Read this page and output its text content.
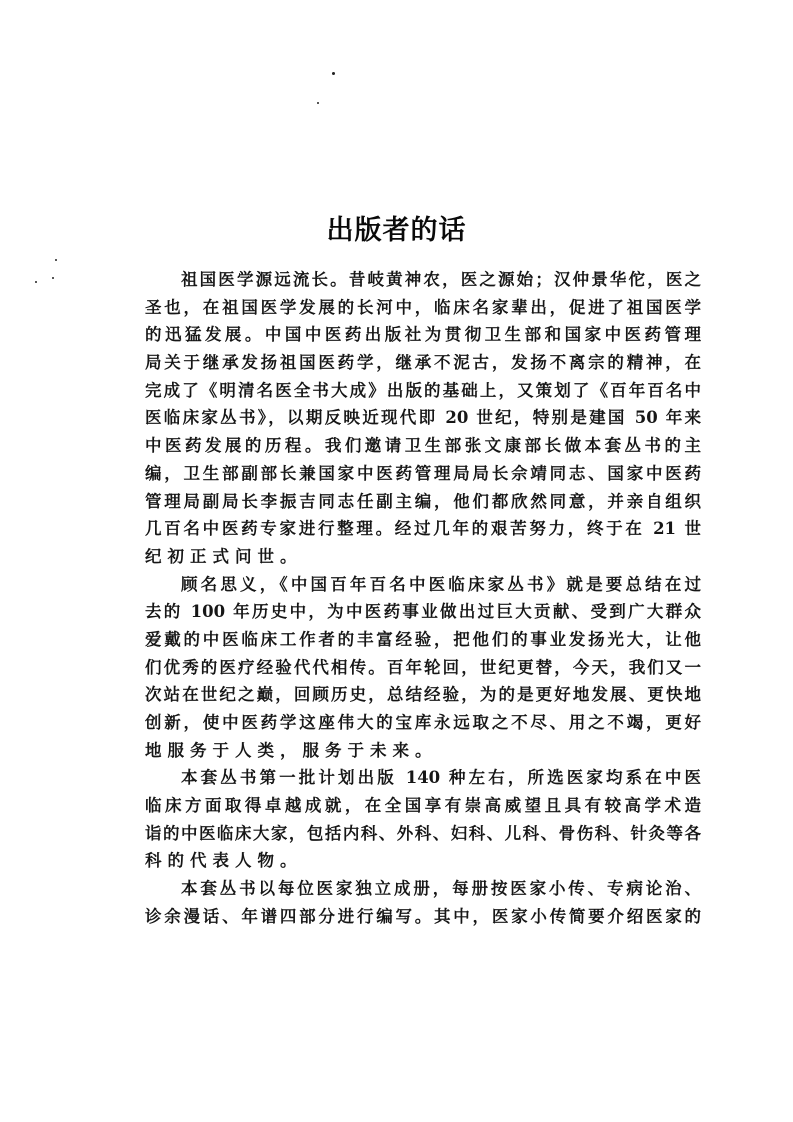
出版者的话
祖国医学源远流长。昔岐黄神农，医之源始；汉仲景华佗，医之
圣也，在祖国医学发展的长河中，临床名家辈出，促进了祖国医学
的迅猛发展。中国中医药出版社为贯彻卫生部和国家中医药管理
局关于继承发扬祖国医药学，继承不泥古，发扬不离宗的精神，在
完成了《明清名医全书大成》出版的基础上，又策划了《百年百名中
医临床家丛书》，以期反映近现代即 20 世纪，特别是建国 50 年来
中医药发展的历程。我们邀请卫生部张文康部长做本套丛书的主
编，卫生部副部长兼国家中医药管理局局长佘靖同志、国家中医药
管理局副局长李振吉同志任副主编，他们都欣然同意，并亲自组织
几百名中医药专家进行整理。经过几年的艰苦努力，终于在 21 世
纪初正式问世。
顾名思义，《中国百年百名中医临床家丛书》就是要总结在过
去的 100 年历史中，为中医药事业做出过巨大贡献、受到广大群众
爱戴的中医临床工作者的丰富经验，把他们的事业发扬光大，让他
们优秀的医疗经验代代相传。百年轮回，世纪更替，今天，我们又一
次站在世纪之巅，回顾历史，总结经验，为的是更好地发展、更快地
创新，使中医药学这座伟大的宝库永远取之不尽、用之不竭，更好
地服务于人类，服务于未来。
本套丛书第一批计划出版 140 种左右，所选医家均系在中医
临床方面取得卓越成就，在全国享有崇高威望且具有较高学术造
诣的中医临床大家，包括内科、外科、妇科、儿科、骨伤科、针灸等各
科的代表人物。
本套丛书以每位医家独立成册，每册按医家小传、专病论治、
诊余漫话、年谱四部分进行编写。其中，医家小传简要介绍医家的
